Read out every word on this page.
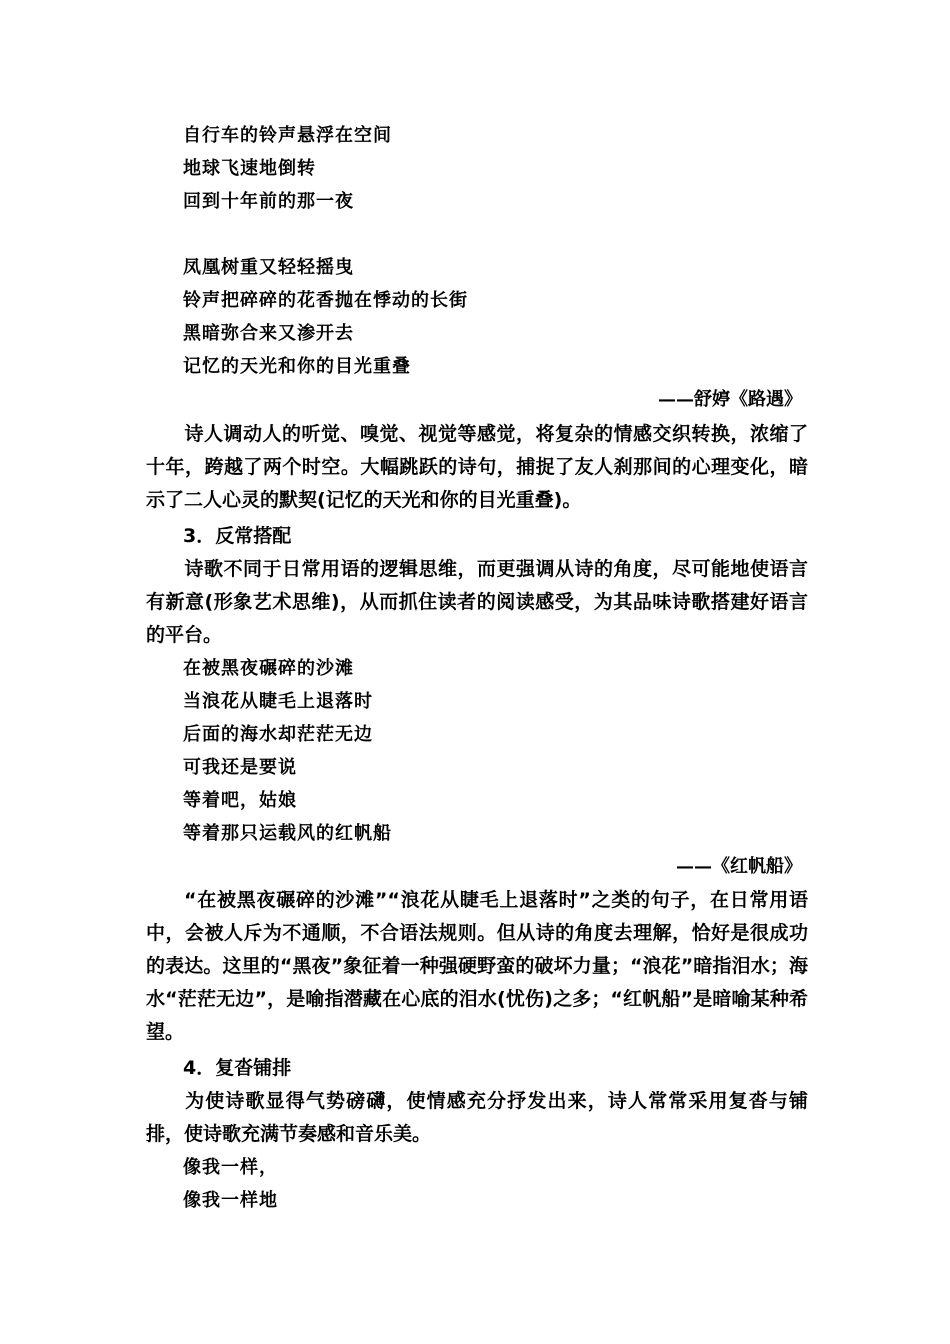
自行车的铃声悬浮在空间
地球飞速地倒转
回到十年前的那一夜
凤凰树重又轻轻摇曳
铃声把碎碎的花香抛在悸动的长街
黑暗弥合来又渗开去
记忆的天光和你的目光重叠
——舒婷《路遇》
诗人调动人的听觉、嗅觉、视觉等感觉，将复杂的情感交织转换，浓缩了十年，跨越了两个时空。大幅跳跃的诗句，捕捉了友人刹那间的心理变化，暗示了二人心灵的默契(记忆的天光和你的目光重叠)。
3．反常搭配
诗歌不同于日常用语的逻辑思维，而更强调从诗的角度，尽可能地使语言有新意(形象艺术思维)，从而抓住读者的阅读感受，为其品味诗歌搭建好语言的平台。
在被黑夜碾碎的沙滩
当浪花从睫毛上退落时
后面的海水却茫茫无边
可我还是要说
等着吧，姑娘
等着那只运载风的红帆船
——《红帆船》
“在被黑夜碾碎的沙滩”“浪花从睫毛上退落时”之类的句子，在日常用语中，会被人斥为不通顺，不合语法规则。但从诗的角度去理解，恰好是很成功的表达。这里的“黑夜”象征着一种强硬野蛮的破坏力量；“浪花”暗指泪水；海水“茫茫无边”，是喻指潜藏在心底的泪水(忧伤)之多；“红帆船”是暗喻某种希望。
4．复沓铺排
为使诗歌显得气势磅礴，使情感充分抒发出来，诗人常常采用复沓与铺排，使诗歌充满节奏感和音乐美。
像我一样，
像我一样地
